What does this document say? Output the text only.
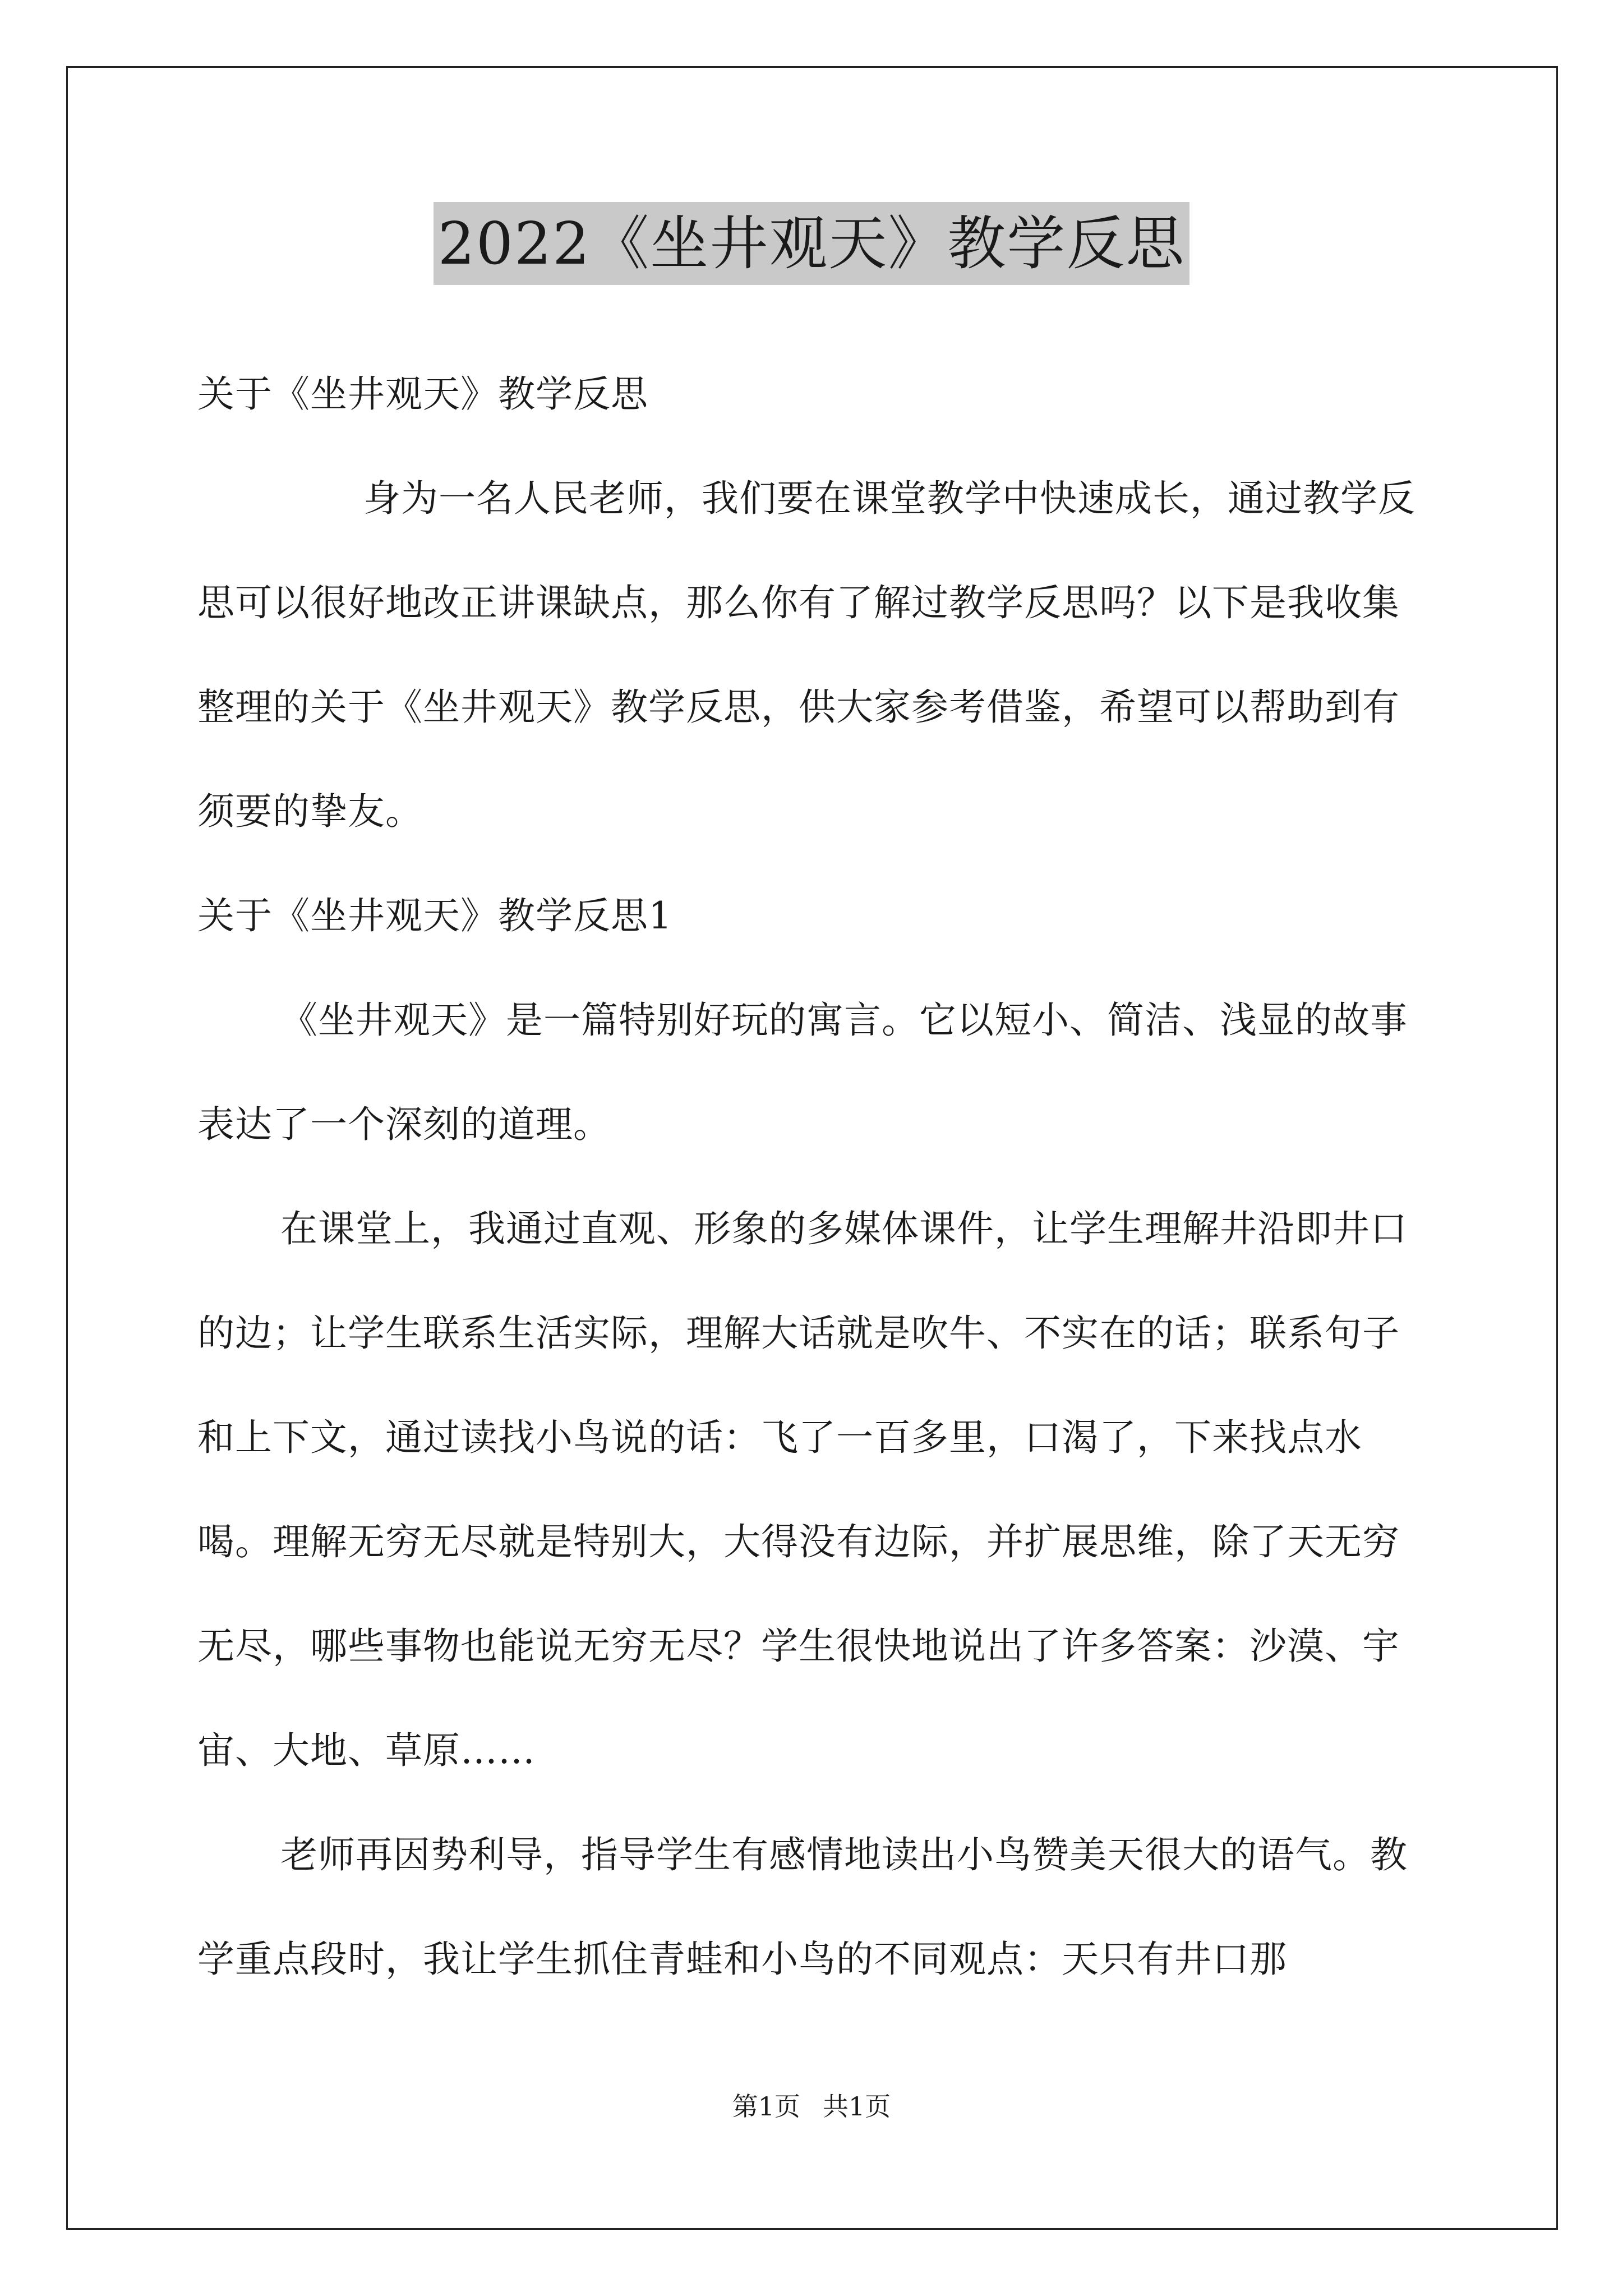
2022《坐井观天》教学反思

关于《坐井观天》教学反思

身为一名人民老师，我们要在课堂教学中快速成长，通过教学反思可以很好地改正讲课缺点，那么你有了解过教学反思吗？以下是我收集整理的关于《坐井观天》教学反思，供大家参考借鉴，希望可以帮助到有须要的挚友。

关于《坐井观天》教学反思1

《坐井观天》是一篇特别好玩的寓言。它以短小、简洁、浅显的故事表达了一个深刻的道理。

在课堂上，我通过直观、形象的多媒体课件，让学生理解井沿即井口的边；让学生联系生活实际，理解大话就是吹牛、不实在的话；联系句子和上下文，通过读找小鸟说的话：飞了一百多里，口渴了，下来找点水喝。理解无穷无尽就是特别大，大得没有边际，并扩展思维，除了天无穷无尽，哪些事物也能说无穷无尽？学生很快地说出了许多答案：沙漠、宇宙、大地、草原……

老师再因势利导，指导学生有感情地读出小鸟赞美天很大的语气。教学重点段时，我让学生抓住青蛙和小鸟的不同观点：天只有井口那

第1页 共1页
